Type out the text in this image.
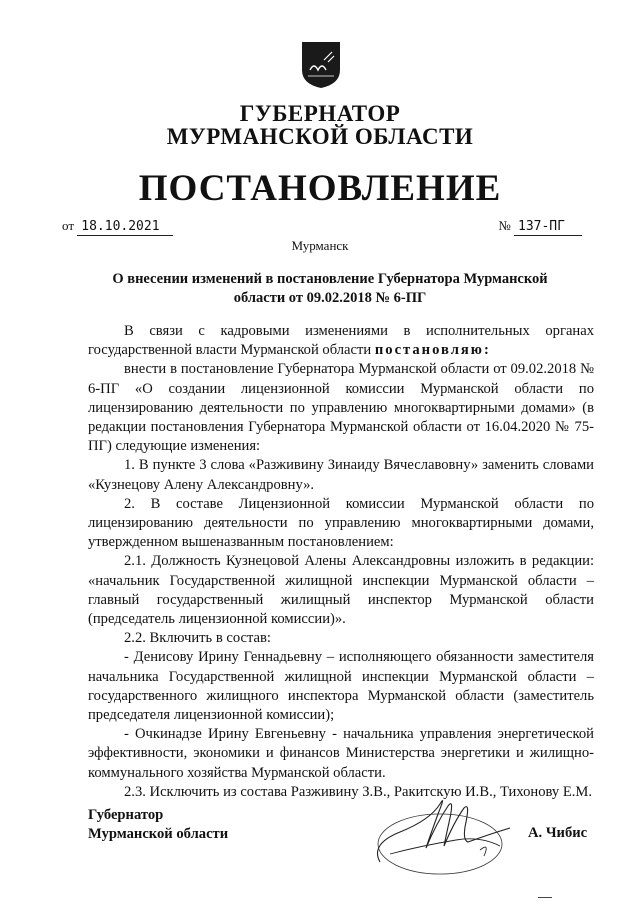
ГУБЕРНАТОР
МУРМАНСКОЙ ОБЛАСТИ
ПОСТАНОВЛЕНИЕ
от 18.10.2021	№ 137-ПГ
Мурманск
О внесении изменений в постановление Губернатора Мурманской
области от 09.02.2018 № 6-ПГ

В связи с кадровыми изменениями в исполнительных органах государственной власти Мурманской области постановляю:

внести в постановление Губернатора Мурманской области от 09.02.2018 № 6-ПГ «О создании лицензионной комиссии Мурманской области по лицензированию деятельности по управлению многоквартирными домами» (в редакции постановления Губернатора Мурманской области от 16.04.2020 № 75-ПГ) следующие изменения:

1. В пункте 3 слова «Разживину Зинаиду Вячеславовну» заменить словами «Кузнецову Алену Александровну».

2. В составе Лицензионной комиссии Мурманской области по лицензированию деятельности по управлению многоквартирными домами, утвержденном вышеназванным постановлением:

2.1. Должность Кузнецовой Алены Александровны изложить в редакции: «начальник Государственной жилищной инспекции Мурманской области – главный государственный жилищный инспектор Мурманской области (председатель лицензионной комиссии)».

2.2. Включить в состав:

- Денисову Ирину Геннадьевну – исполняющего обязанности заместителя начальника Государственной жилищной инспекции Мурманской области – государственного жилищного инспектора Мурманской области (заместитель председателя лицензионной комиссии);

- Очкинадзе Ирину Евгеньевну - начальника управления энергетической эффективности, экономики и финансов Министерства энергетики и жилищно-коммунального хозяйства Мурманской области.

2.3. Исключить из состава Разживину З.В., Ракитскую И.В., Тихонову Е.М.

Губернатор
Мурманской области	А. Чибис
